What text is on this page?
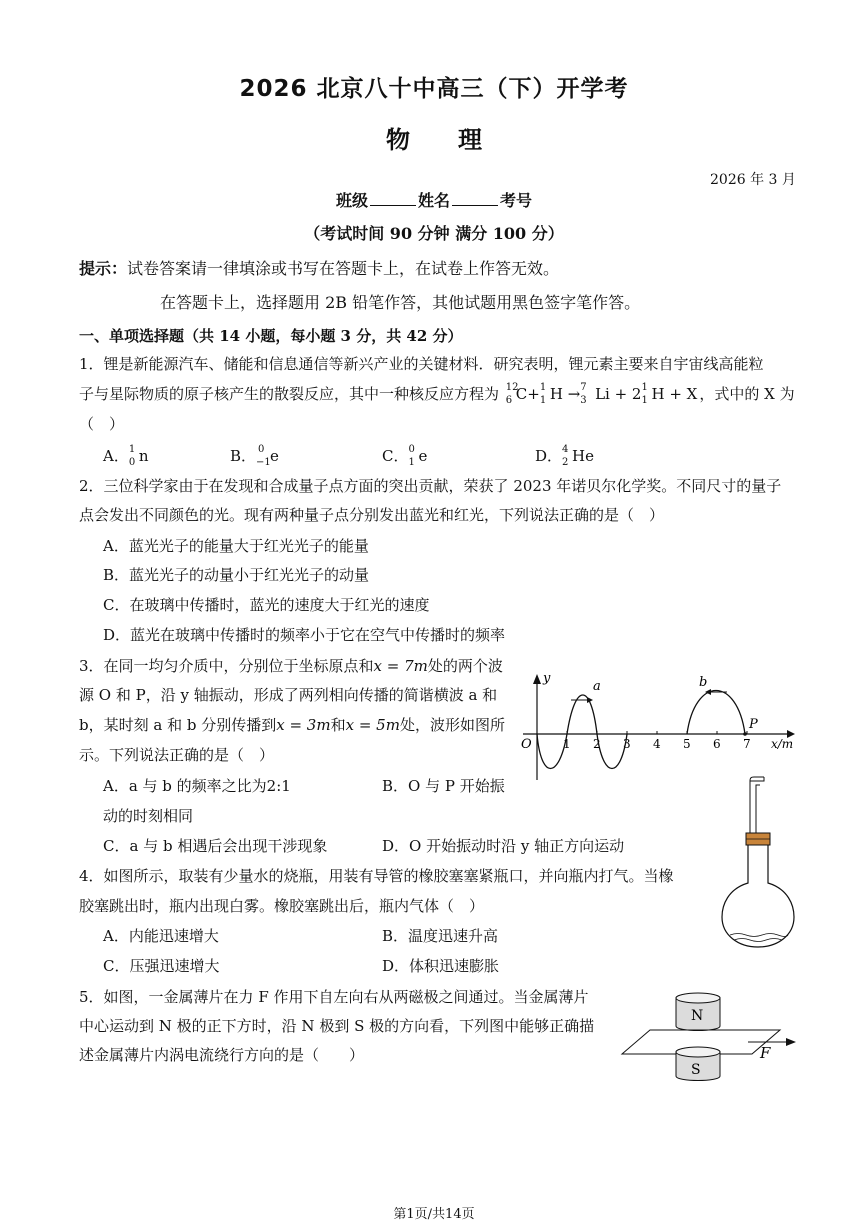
2026 北京八十中高三（下）开学考
物　　理
2026 年 3 月
班级	姓名	考号
（考试时间 90 分钟 满分 100 分）
提示：试卷答案请一律填涂或书写在答题卡上，在试卷上作答无效。
在答题卡上，选择题用 2B 铅笔作答，其他试题用黑色签字笔作答。
一、单项选择题（共 14 小题，每小题 3 分，共 42 分）
1．锂是新能源汽车、储能和信息通信等新兴产业的关键材料．研究表明，锂元素主要来自宇宙线高能粒
子与星际物质的原子核产生的散裂反应，其中一种核反应方程为 12
6 C+ 1
1 H → 7
3 Li + 2 1
1 H + X ，式中的 X 为
（　）
A． 1
0 n	B． 0
−1 e	C． 0
1 e	D． 4
2 He
2．三位科学家由于在发现和合成量子点方面的突出贡献，荣获了 2023 年诺贝尔化学奖。不同尺寸的量子
点会发出不同颜色的光。现有两种量子点分别发出蓝光和红光，下列说法正确的是（　）
A．蓝光光子的能量大于红光光子的能量
B．蓝光光子的动量小于红光光子的动量
C．在玻璃中传播时，蓝光的速度大于红光的速度
D．蓝光在玻璃中传播时的频率小于它在空气中传播时的频率
3．在同一均匀介质中，分别位于坐标原点和x = 7m处的两个波
源 O 和 P，沿 y 轴振动，形成了两列相向传播的简谐横波 a 和
b，某时刻 a 和 b 分别传播到x = 3m和x = 5m处，波形如图所
示。下列说法正确的是（　）
A．a 与 b 的频率之比为2:1	B．O 与 P 开始振
动的时刻相同
C．a 与 b 相遇后会出现干涉现象	D．O 开始振动时沿 y 轴正方向运动
y
x/m
O	1 2 3 4 5 6 7
a	b
P
4．如图所示，取装有少量水的烧瓶，用装有导管的橡胶塞塞紧瓶口，并向瓶内打气。当橡
胶塞跳出时，瓶内出现白雾。橡胶塞跳出后，瓶内气体（　）
A．内能迅速增大	B．温度迅速升高
C．压强迅速增大	D．体积迅速膨胀
5．如图，一金属薄片在力 F 作用下自左向右从两磁极之间通过。当金属薄片
中心运动到 N 极的正下方时，沿 N 极到 S 极的方向看，下列图中能够正确描
述金属薄片内涡电流绕行方向的是（　　）
N
S
F
第1页/共14页
